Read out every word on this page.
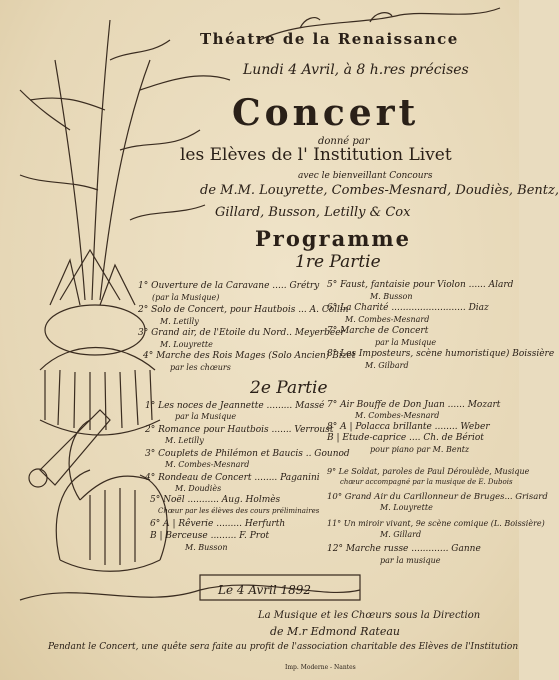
Théatre de la Renaissance
Lundi 4 Avril, à 8 h.res précises
Concert
donné par
les Elèves de l' Institution Livet
avec le bienveillant Concours
de M.M. Louyrette, Combes-Mesnard, Doudiès, Bentz,
Gillard, Busson, Letilly & Cox
Programme
1re Partie
1° Ouverture de la Caravane ..... Grétry
(par la Musique)
2° Solo de Concert, pour Hautbois ... A. Collin
M. Letilly
3° Grand air, de l'Etoile du Nord.. Meyerbeer
M. Louyrette
4° Marche des Rois Mages (Solo Ancien) Bizet
par les chœurs
5° Faust, fantaisie pour Violon ...... Alard
M. Busson
6° La Charité .......................... Diaz
M. Combes-Mesnard
7° Marche de Concert
par la Musique
8° Les Imposteurs, scène humoristique) Boissière
M. Gilbard
2e Partie
1° Les noces de Jeannette ......... Massé
par la Musique
2° Romance pour Hautbois ....... Verroust
M. Letilly
3° Couplets de Philémon et Baucis .. Gounod
M. Combes-Mesnard
4° Rondeau de Concert ........ Paganini
M. Doudiès
5° Noël ........... Aug. Holmès
Chœur par les élèves des cours préliminaires
6° A | Rêverie ......... Herfurth
B | Berceuse ......... F. Prot
M. Busson
7° Air Bouffe de Don Juan ...... Mozart
M. Combes-Mesnard
8° A | Polacca brillante ........ Weber
B | Etude-caprice .... Ch. de Bériot
pour piano par M. Bentz
9° Le Soldat, paroles de Paul Déroulède, Musique
chœur accompagné par la musique de E. Dubois
10° Grand Air du Carillonneur de Bruges... Grisard
M. Louyrette
11° Un miroir vivant, 9e scène comique (L. Boissière)
M. Gillard
12° Marche russe ............. Ganne
par la musique
Le 4 Avril 1892
La Musique et les Chœurs sous la Direction
de M.r Edmond Rateau
Pendant le Concert, une quête sera faite au profit de l'association charitable des Elèves de l'Institution
Imp. Moderne - Nantes
